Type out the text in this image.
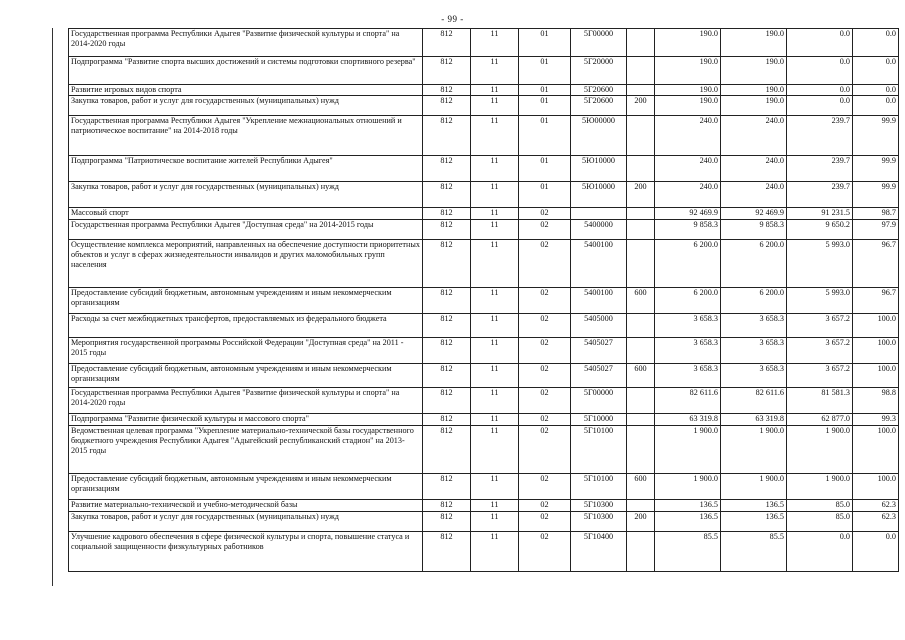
- 99 -
Государственная программа Республики Адыгея "Развитие физической культуры и спорта" на 2014-2020 годы	812	11	01	5Г00000		190.0	190.0	0.0	0.0
Подпрограмма "Развитие спорта высших достижений и системы подготовки спортивного резерва"	812	11	01	5Г20000		190.0	190.0	0.0	0.0
Развитие игровых видов спорта	812	11	01	5Г20600		190.0	190.0	0.0	0.0
Закупка товаров, работ и услуг для государственных (муниципальных) нужд	812	11	01	5Г20600	200	190.0	190.0	0.0	0.0
Государственная программа Республики Адыгея "Укрепление межнациональных отношений и патриотическое воспитание" на 2014-2018 годы	812	11	01	5Ю00000		240.0	240.0	239.7	99.9
Подпрограмма "Патриотическое воспитание жителей Республики Адыгея"	812	11	01	5Ю10000		240.0	240.0	239.7	99.9
Закупка товаров, работ и услуг для государственных (муниципальных) нужд	812	11	01	5Ю10000	200	240.0	240.0	239.7	99.9
Массовый спорт	812	11	02			92 469.9	92 469.9	91 231.5	98.7
Государственная программа Республики Адыгея "Доступная среда" на 2014-2015 годы	812	11	02	5400000		9 858.3	9 858.3	9 650.2	97.9
Осуществление комплекса мероприятий, направленных на обеспечение доступности приоритетных объектов и услуг в сферах жизнедеятельности инвалидов и других маломобильных групп населения	812	11	02	5400100		6 200.0	6 200.0	5 993.0	96.7
Предоставление субсидий бюджетным, автономным учреждениям и иным некоммерческим организациям	812	11	02	5400100	600	6 200.0	6 200.0	5 993.0	96.7
Расходы за счет межбюджетных трансфертов, предоставляемых из федерального бюджета	812	11	02	5405000		3 658.3	3 658.3	3 657.2	100.0
Мероприятия государственной программы Российской Федерации "Доступная среда" на 2011 - 2015 годы	812	11	02	5405027		3 658.3	3 658.3	3 657.2	100.0
Предоставление субсидий бюджетным, автономным учреждениям и иным некоммерческим организациям	812	11	02	5405027	600	3 658.3	3 658.3	3 657.2	100.0
Государственная программа Республики Адыгея "Развитие физической культуры и спорта" на 2014-2020 годы	812	11	02	5Г00000		82 611.6	82 611.6	81 581.3	98.8
Подпрограмма "Развитие физической культуры и массового спорта"	812	11	02	5Г10000		63 319.8	63 319.8	62 877.0	99.3
Ведомственная целевая программа "Укрепление материально-технической базы государственного бюджетного учреждения Республики Адыгея "Адыгейский республиканский стадион" на 2013-2015 годы	812	11	02	5Г10100		1 900.0	1 900.0	1 900.0	100.0
Предоставление субсидий бюджетным, автономным учреждениям и иным некоммерческим организациям	812	11	02	5Г10100	600	1 900.0	1 900.0	1 900.0	100.0
Развитие материально-технической и учебно-методической базы	812	11	02	5Г10300		136.5	136.5	85.0	62.3
Закупка товаров, работ и услуг для государственных (муниципальных) нужд	812	11	02	5Г10300	200	136.5	136.5	85.0	62.3
Улучшение кадрового обеспечения в сфере физической культуры и спорта, повышение статуса и социальной защищенности физкультурных работников	812	11	02	5Г10400		85.5	85.5	0.0	0.0
